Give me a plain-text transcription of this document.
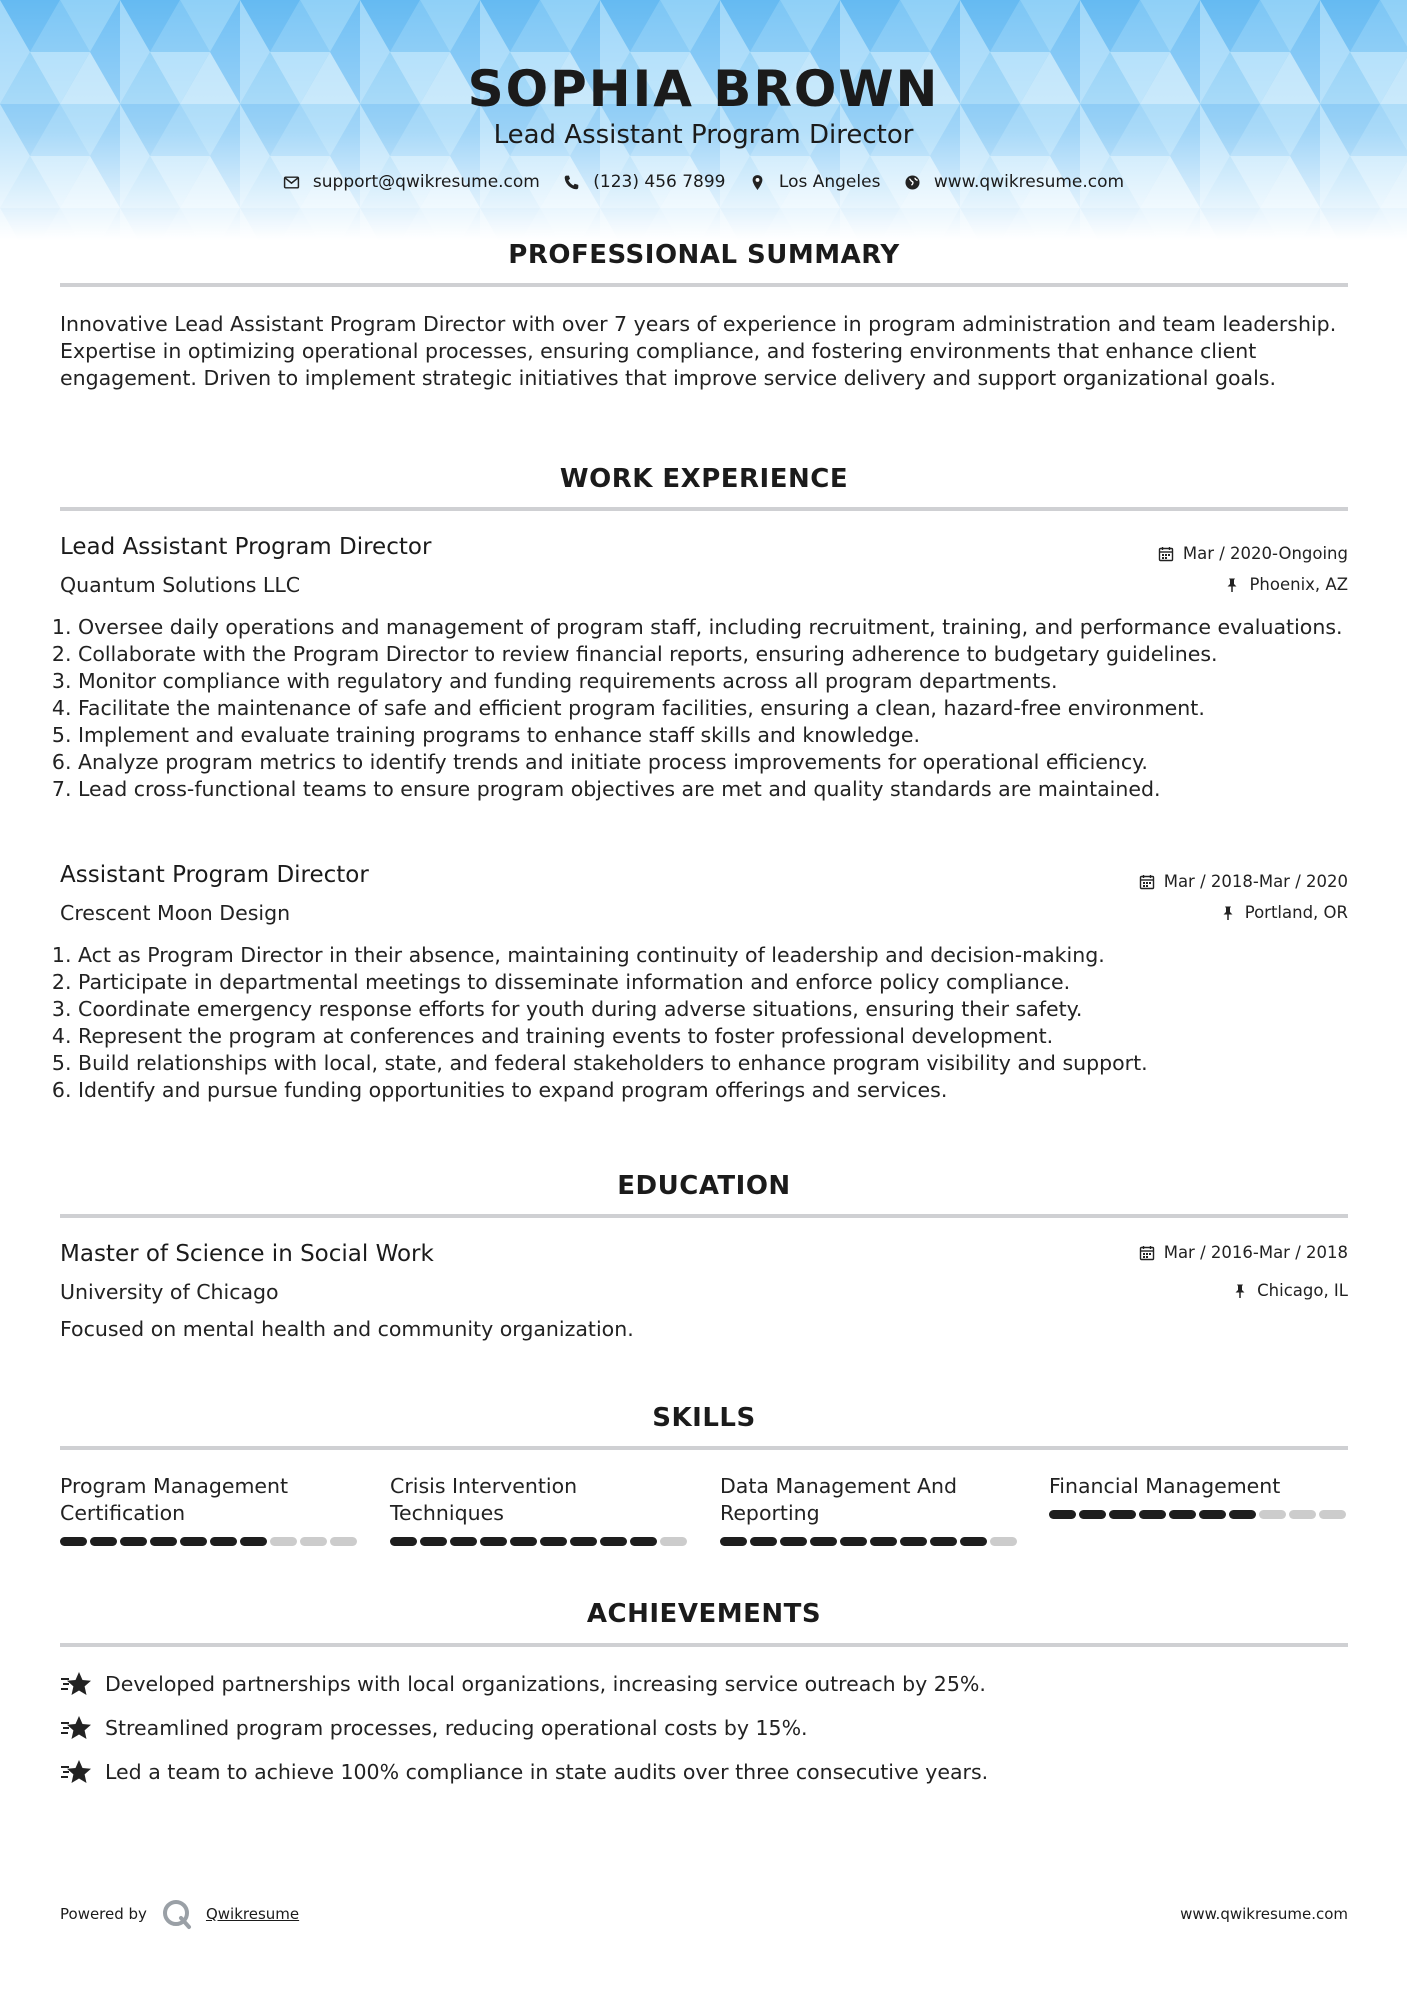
SOPHIA BROWN
Lead Assistant Program Director
support@qwikresume.com
	(123) 456 7899
	Los Angeles
	www.qwikresume.com
PROFESSIONAL SUMMARY
Innovative Lead Assistant Program Director with over 7 years of experience in program administration and team leadership. Expertise in optimizing operational processes, ensuring compliance, and fostering environments that enhance client engagement. Driven to implement strategic initiatives that improve service delivery and support organizational goals.
WORK EXPERIENCE
Lead Assistant Program Director	Mar / 2020-Ongoing
Quantum Solutions LLC	Phoenix, AZ
1. Oversee daily operations and management of program staff, including recruitment, training, and performance evaluations.
2. Collaborate with the Program Director to review financial reports, ensuring adherence to budgetary guidelines.
3. Monitor compliance with regulatory and funding requirements across all program departments.
4. Facilitate the maintenance of safe and efficient program facilities, ensuring a clean, hazard-free environment.
5. Implement and evaluate training programs to enhance staff skills and knowledge.
6. Analyze program metrics to identify trends and initiate process improvements for operational efficiency.
7. Lead cross-functional teams to ensure program objectives are met and quality standards are maintained.
Assistant Program Director	Mar / 2018-Mar / 2020
Crescent Moon Design	Portland, OR
1. Act as Program Director in their absence, maintaining continuity of leadership and decision-making.
2. Participate in departmental meetings to disseminate information and enforce policy compliance.
3. Coordinate emergency response efforts for youth during adverse situations, ensuring their safety.
4. Represent the program at conferences and training events to foster professional development.
5. Build relationships with local, state, and federal stakeholders to enhance program visibility and support.
6. Identify and pursue funding opportunities to expand program offerings and services.
EDUCATION
Master of Science in Social Work	Mar / 2016-Mar / 2018
University of Chicago	Chicago, IL
Focused on mental health and community organization.
SKILLS
Program Management Certification
Crisis Intervention Techniques
Data Management And Reporting
Financial Management
ACHIEVEMENTS
Developed partnerships with local organizations, increasing service outreach by 25%.
Streamlined program processes, reducing operational costs by 15%.
Led a team to achieve 100% compliance in state audits over three consecutive years.
Powered by	Qwikresume	www.qwikresume.com
